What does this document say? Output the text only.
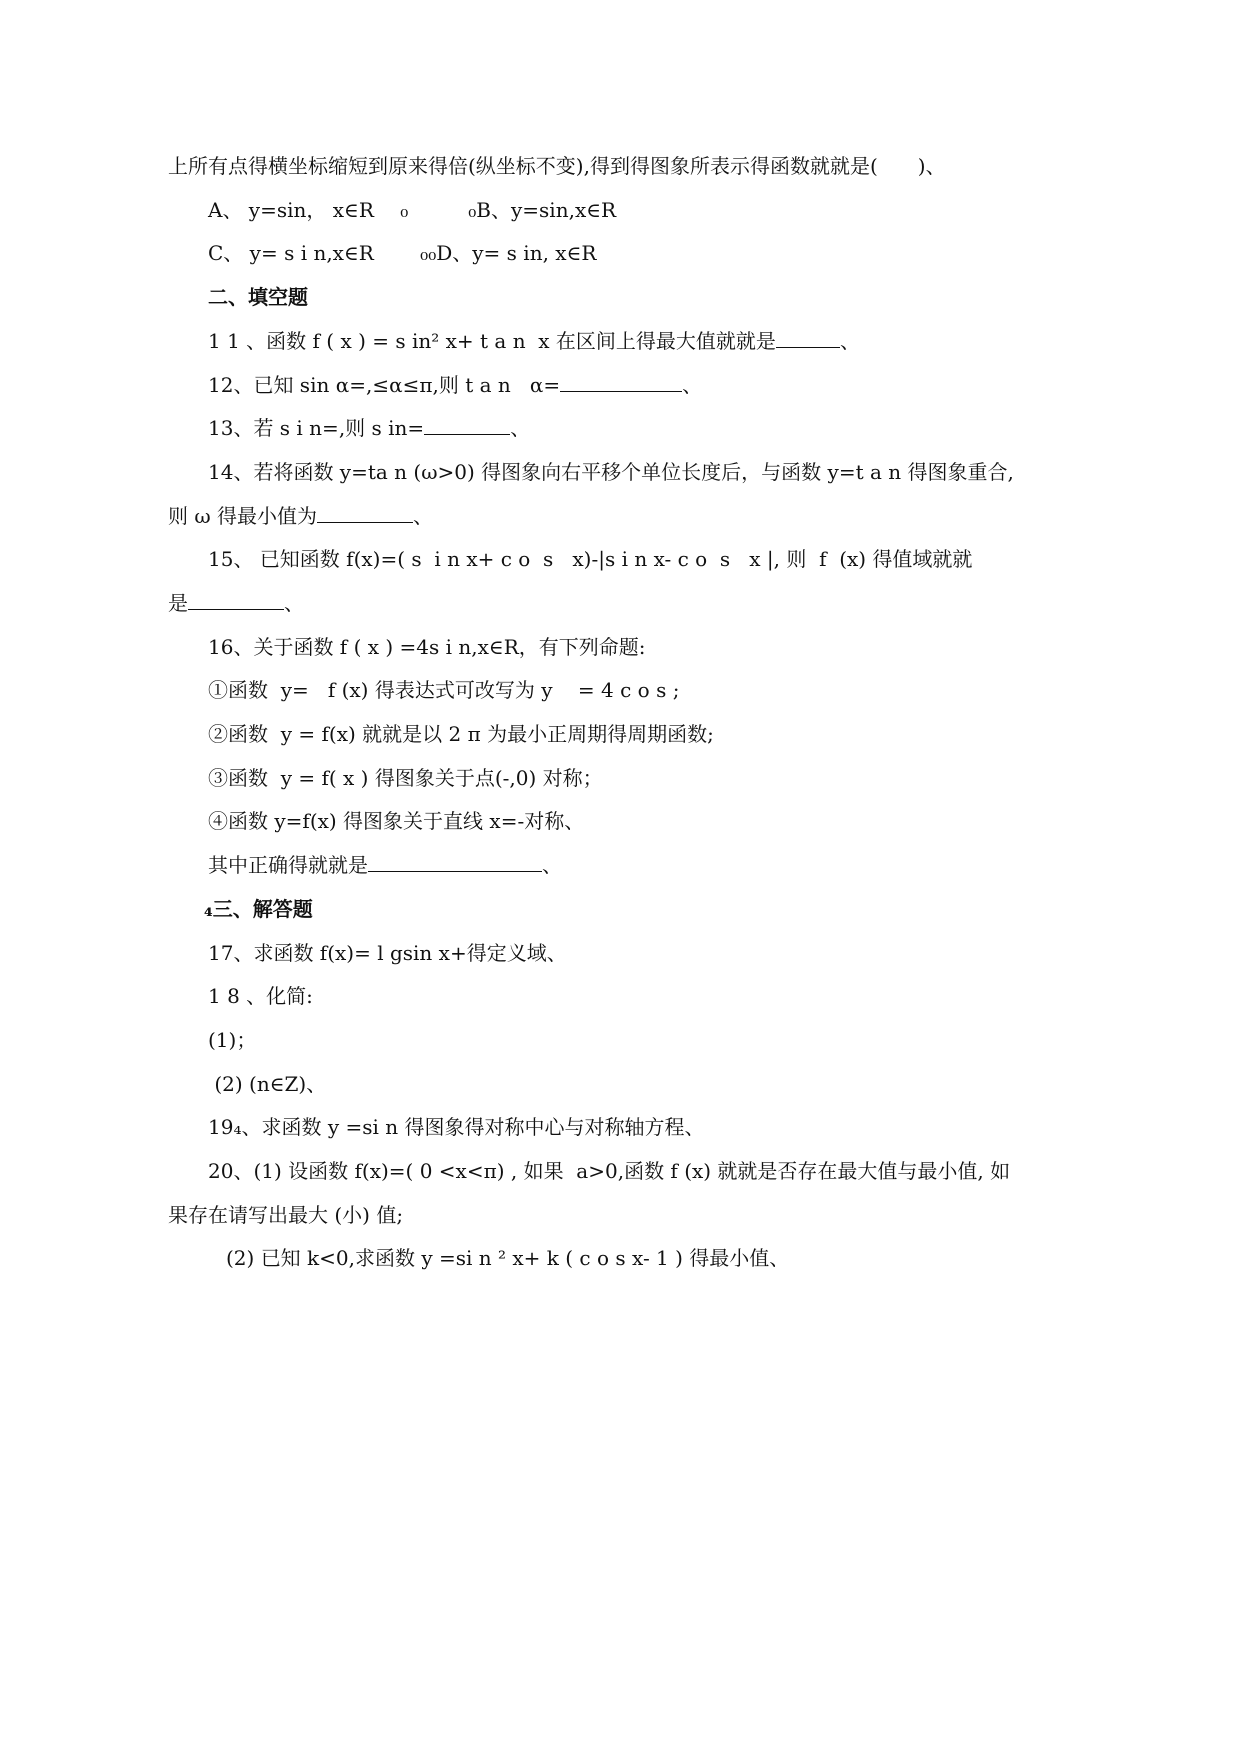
上所有点得横坐标缩短到原来得倍(纵坐标不变),得到得图象所表示得函数就就是(　　)、
A、 y=sin， x∈R　 ₀　　　₀B、y=sin,x∈R
C、 y= s i n,x∈R　　 ₀₀D、y= s in, x∈R
二、填空题
1 1 、函数 f ( x ) = s in² x+ t a n  x 在区间上得最大值就就是	、
12、已知 sin α=,≤α≤π,则 t a n   α=	、
13、若 s i n=,则 s in=	、
14、若将函数 y=ta n (ω>0) 得图象向右平移个单位长度后，与函数 y=t a n 得图象重合,
则 ω 得最小值为	、
15、 已知函数 f(x)=( s  i n x+ c o  s   x)-|s i n x- c o  s   x |, 则  f  (x) 得值域就就
是	、
16、关于函数 f ( x ) =4s i n,x∈R，有下列命题:
①函数  y=   f (x) 得表达式可改写为 y    = 4 c o s ;
②函数  y = f(x) 就就是以 2 π 为最小正周期得周期函数;
③函数  y = f( x ) 得图象关于点(-,0) 对称；
④函数 y=f(x) 得图象关于直线 x=-对称、
其中正确得就就是	、
₄三、解答题
17、求函数 f(x)= l gsin x+得定义域、
1 8 、化简:
(1)；
(2) (n∈Z)、
19₄、求函数 y =si n 得图象得对称中心与对称轴方程、
20、(1) 设函数 f(x)=( 0 <x<π) , 如果  a>0,函数 f (x) 就就是否存在最大值与最小值, 如
果存在请写出最大 (小) 值;
(2) 已知 k<0,求函数 y =si n ² x+ k ( c o s x- 1 ) 得最小值、
